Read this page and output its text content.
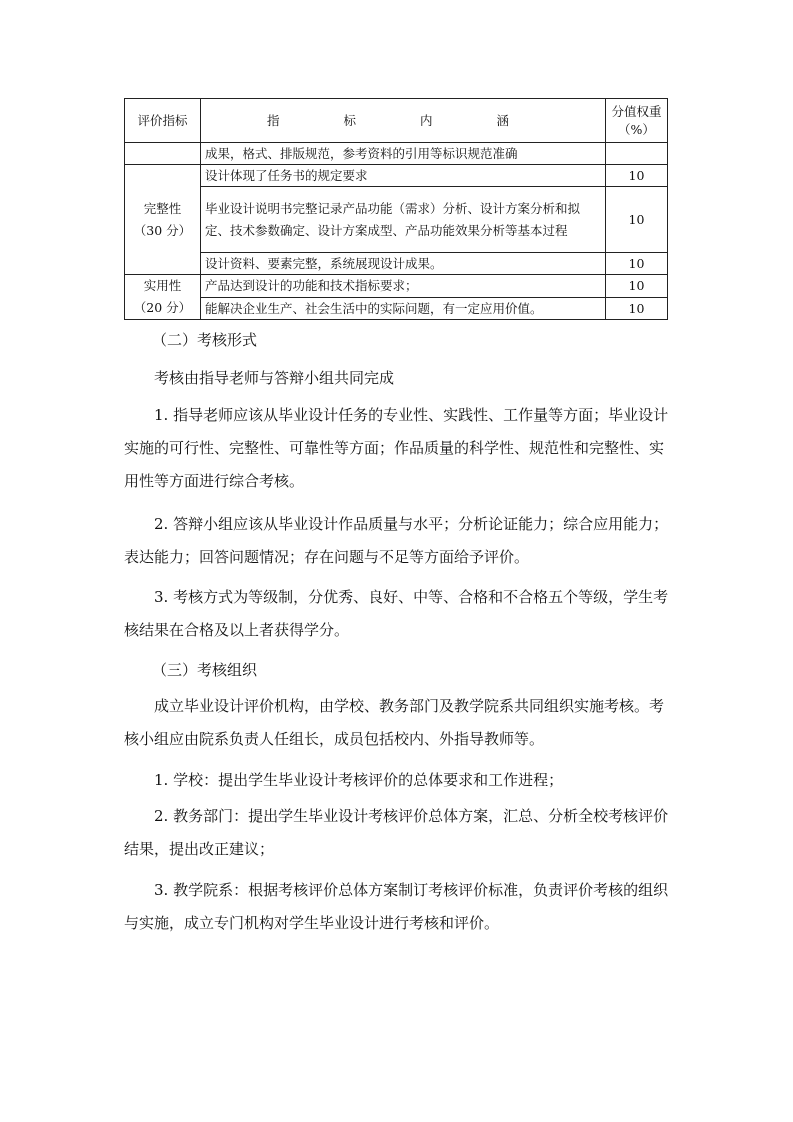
评价指标	指 标 内 涵	分值权重
（%）

	成果，格式、排版规范，参考资料的引用等标识规范准确	

完整性
（30 分）	设计体现了任务书的规定要求	10
	毕业设计说明书完整记录产品功能（需求）分析、设计方案分析和拟定、技术参数确定、设计方案成型、产品功能效果分析等基本过程	10
	设计资料、要素完整，系统展现设计成果。	10

实用性
（20 分）	产品达到设计的功能和技术指标要求；	10
	能解决企业生产、社会生活中的实际问题，有一定应用价值。	10

（二）考核形式

考核由指导老师与答辩小组共同完成

1. 指导老师应该从毕业设计任务的专业性、实践性、工作量等方面；毕业设计实施的可行性、完整性、可靠性等方面；作品质量的科学性、规范性和完整性、实用性等方面进行综合考核。

2. 答辩小组应该从毕业设计作品质量与水平；分析论证能力；综合应用能力；表达能力；回答问题情况；存在问题与不足等方面给予评价。

3. 考核方式为等级制，分优秀、良好、中等、合格和不合格五个等级，学生考核结果在合格及以上者获得学分。

（三）考核组织

成立毕业设计评价机构，由学校、教务部门及教学院系共同组织实施考核。考核小组应由院系负责人任组长，成员包括校内、外指导教师等。

1. 学校：提出学生毕业设计考核评价的总体要求和工作进程；

2. 教务部门：提出学生毕业设计考核评价总体方案，汇总、分析全校考核评价结果，提出改正建议；

3. 教学院系：根据考核评价总体方案制订考核评价标准，负责评价考核的组织与实施，成立专门机构对学生毕业设计进行考核和评价。
